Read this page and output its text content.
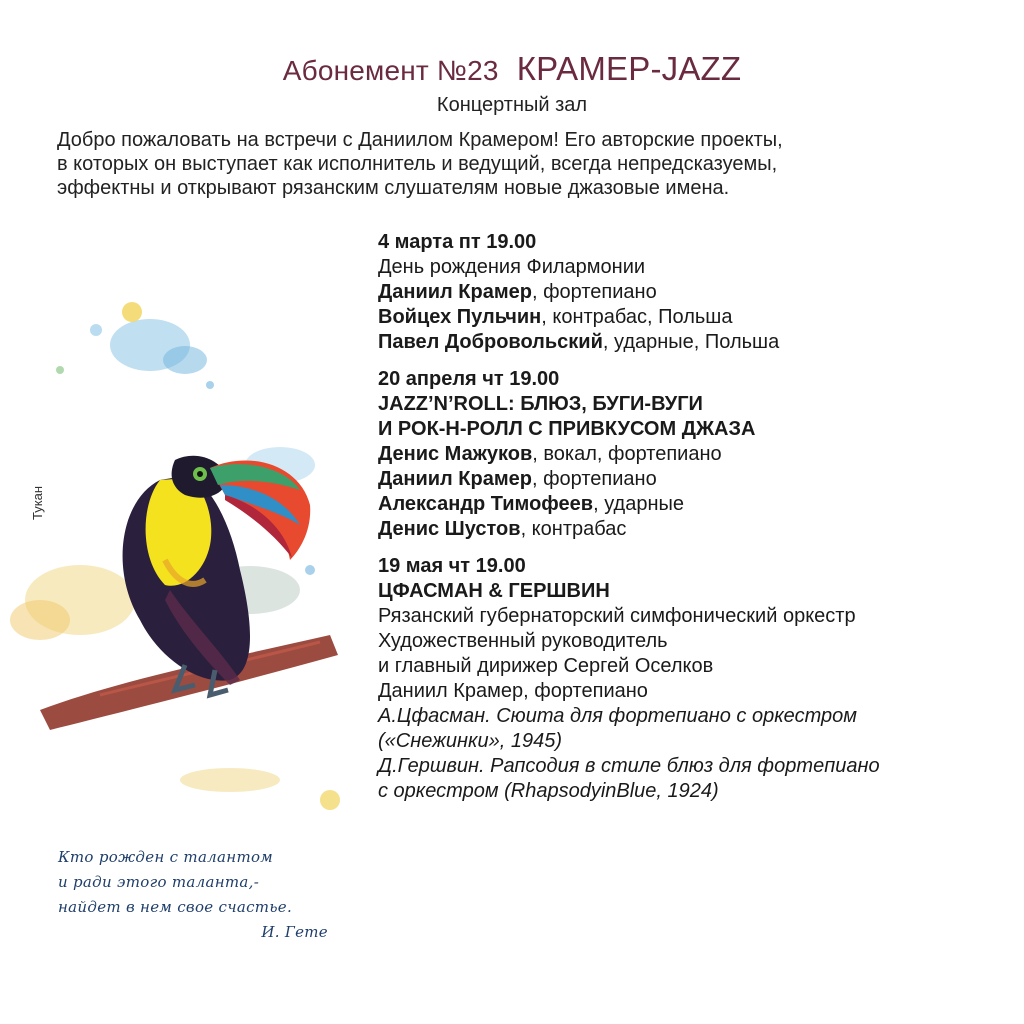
Абонемент №23 КРАМЕР-JAZZ
Концертный зал
Добро пожаловать на встречи с Даниилом Крамером! Его авторские проекты,
в которых он выступает как исполнитель и ведущий, всегда непредсказуемы,
эффектны и открывают рязанским слушателям новые джазовые имена.
4 марта пт 19.00
День рождения Филармонии
Даниил Крамер, фортепиано
Войцех Пульчин, контрабас, Польша
Павел Добровольский, ударные, Польша
20 апреля чт 19.00
JAZZ’N’ROLL: БЛЮЗ, БУГИ-ВУГИ
И РОК-Н-РОЛЛ С ПРИВКУСОМ ДЖАЗА
Денис Мажуков, вокал, фортепиано
Даниил Крамер, фортепиано
Александр Тимофеев, ударные
Денис Шустов, контрабас
19 мая чт 19.00
ЦФАСМАН & ГЕРШВИН
Рязанский губернаторский симфонический оркестр
Художественный руководитель
и главный дирижер Сергей Оселков
Даниил Крамер, фортепиано
А.Цфасман. Сюита для фортепиано с оркестром
(«Снежинки», 1945)
Д.Гершвин. Рапсодия в стиле блюз для фортепиано
с оркестром (RhapsodyinBlue, 1924)
Тукан
Кто рожден с талантом
и ради этого таланта,-
найдет в нем свое счастье.
И. Гете
